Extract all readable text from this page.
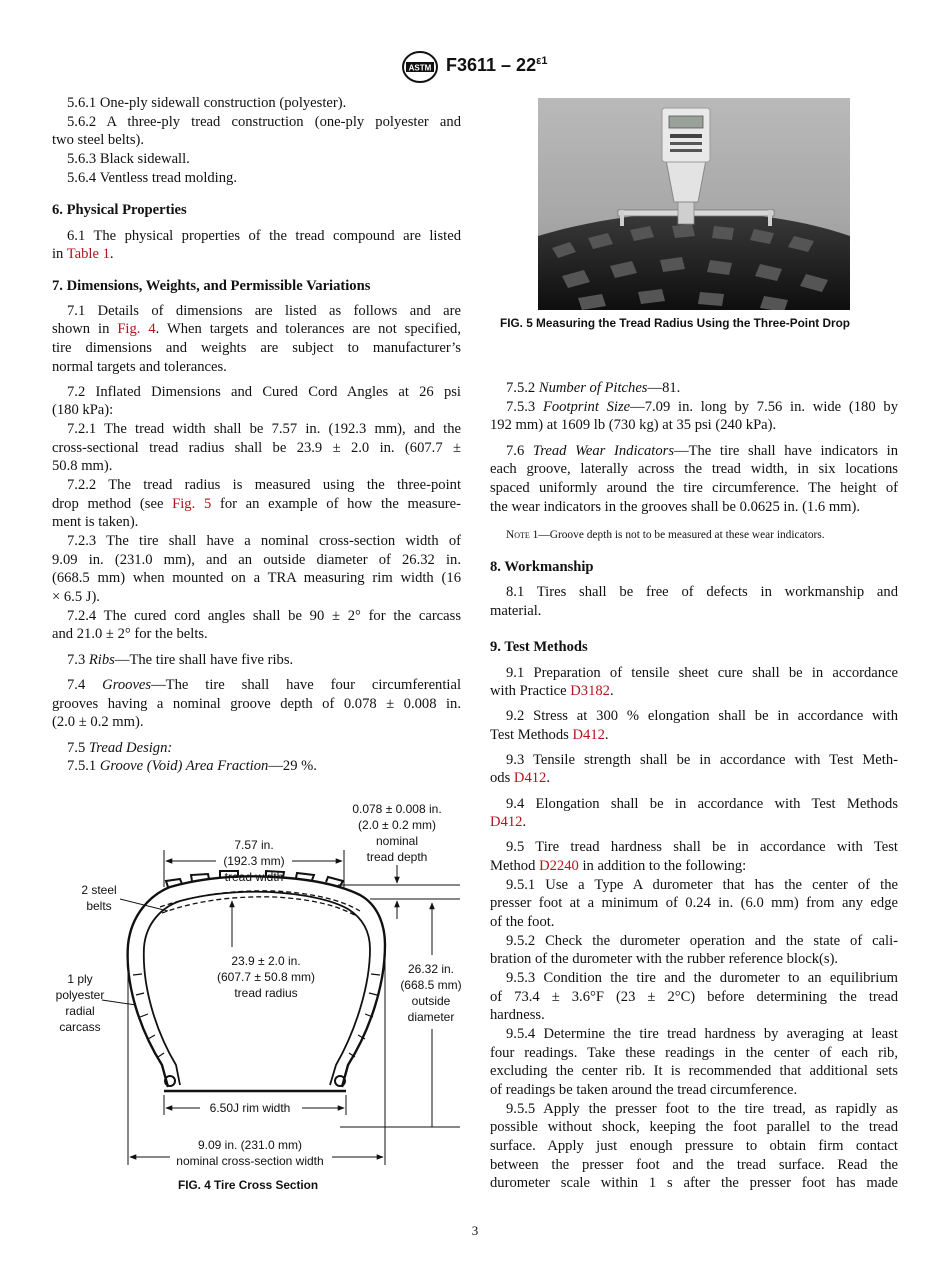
ASTM $F3611 - 22^{\varepsilon 1}$
5.6.1 One-ply sidewall construction (polyester).
5.6.2 A three-ply tread construction (one-ply polyester and
two steel belts).
5.6.3 Black sidewall.
5.6.4 Ventless tread molding.
6. Physical Properties
6.1 The physical properties of the tread compound are listed
in Table 1.
7. Dimensions, Weights, and Permissible Variations
7.1 Details of dimensions are listed as follows and are
shown in Fig. 4. When targets and tolerances are not specified,
tire dimensions and weights are subject to manufacturer’s
normal targets and tolerances.
7.2 Inflated Dimensions and Cured Cord Angles at 26 psi
(180 kPa):
7.2.1 The tread width shall be 7.57 in. (192.3 mm), and the
cross-sectional tread radius shall be 23.9 ± 2.0 in. (607.7 ±
50.8 mm).
7.2.2 The tread radius is measured using the three-point
drop method (see Fig. 5 for an example of how the measure-
ment is taken).
7.2.3 The tire shall have a nominal cross-section width of
9.09 in. (231.0 mm), and an outside diameter of 26.32 in.
(668.5 mm) when mounted on a TRA measuring rim width (16
× 6.5 J).
7.2.4 The cured cord angles shall be 90 ± 2° for the carcass
and 21.0 ± 2° for the belts.
7.3 Ribs—The tire shall have five ribs.
7.4 Grooves—The tire shall have four circumferential
grooves having a nominal groove depth of 0.078 ± 0.008 in.
(2.0 ± 0.2 mm).
7.5 Tread Design:
7.5.1 Groove (Void) Area Fraction—29 %.
0.078 ± 0.008 in.
(2.0 ± 0.2 mm)
nominal
tread depth
7.57 in.
(192.3 mm)
tread width
2 steel
belts
23.9 ± 2.0 in.
(607.7 ± 50.8 mm)
tread radius
1 ply
polyester
radial
carcass
26.32 in.
(668.5 mm)
outside
diameter
6.50J rim width
9.09 in. (231.0 mm)
nominal cross-section width
FIG. 4 Tire Cross Section
FIG. 5 Measuring the Tread Radius Using the Three-Point Drop
7.5.2 Number of Pitches—81.
7.5.3 Footprint Size—7.09 in. long by 7.56 in. wide (180 by
192 mm) at 1609 lb (730 kg) at 35 psi (240 kPa).
7.6 Tread Wear Indicators—The tire shall have indicators in
each groove, laterally across the tread width, in six locations
spaced uniformly around the tire circumference. The height of
the wear indicators in the grooves shall be 0.0625 in. (1.6 mm).
Note 1—Groove depth is not to be measured at these wear indicators.
8. Workmanship
8.1 Tires shall be free of defects in workmanship and
material.
9. Test Methods
9.1 Preparation of tensile sheet cure shall be in accordance
with Practice D3182.
9.2 Stress at 300 % elongation shall be in accordance with
Test Methods D412.
9.3 Tensile strength shall be in accordance with Test Meth-
ods D412.
9.4 Elongation shall be in accordance with Test Methods
D412.
9.5 Tire tread hardness shall be in accordance with Test
Method D2240 in addition to the following:
9.5.1 Use a Type A durometer that has the center of the
presser foot at a minimum of 0.24 in. (6.0 mm) from any edge
of the foot.
9.5.2 Check the durometer operation and the state of cali-
bration of the durometer with the rubber reference block(s).
9.5.3 Condition the tire and the durometer to an equilibrium
of 73.4 ± 3.6°F (23 ± 2°C) before determining the tread
hardness.
9.5.4 Determine the tire tread hardness by averaging at least
four readings. Take these readings in the center of each rib,
excluding the center rib. It is recommended that additional sets
of readings be taken around the tread circumference.
9.5.5 Apply the presser foot to the tire tread, as rapidly as
possible without shock, keeping the foot parallel to the tread
surface. Apply just enough pressure to obtain firm contact
between the presser foot and the tread surface. Read the
durometer scale within 1 s after the presser foot has made
3
